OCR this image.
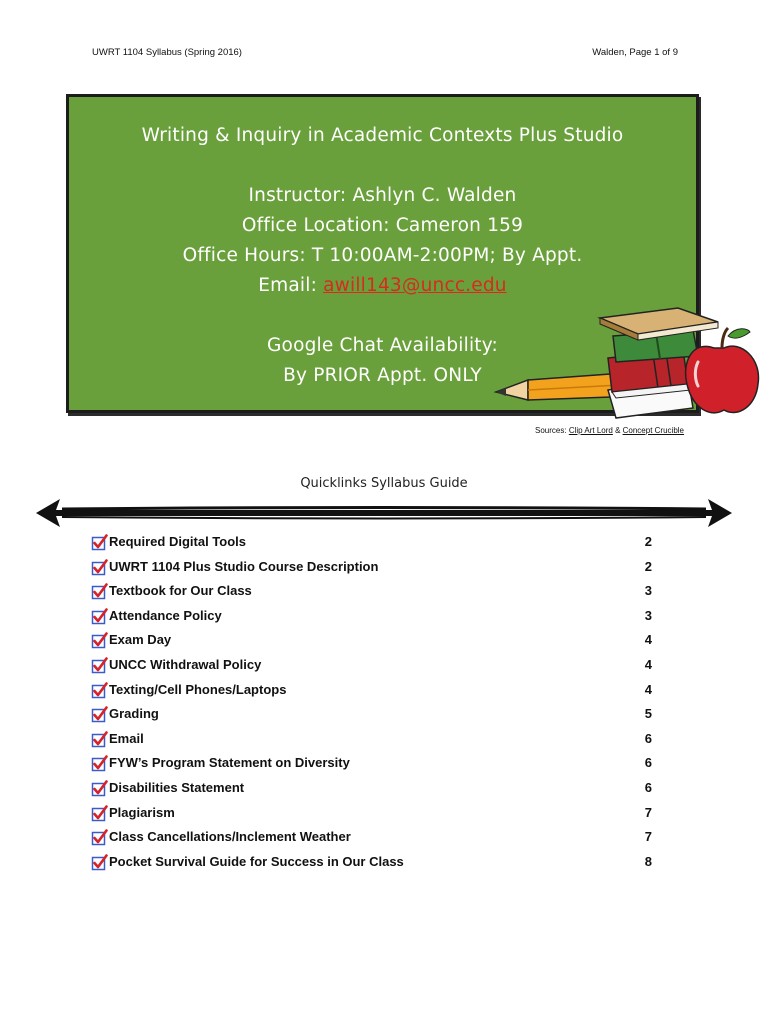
UWRT 1104 Syllabus (Spring 2016)	Walden, Page 1 of 9
Writing & Inquiry in Academic Contexts Plus Studio
Instructor: Ashlyn C. Walden
Office Location: Cameron 159
Office Hours: T 10:00AM-2:00PM; By Appt.
Email: awill143@uncc.edu
Google Chat Availability:
By PRIOR Appt. ONLY
Sources: Clip Art Lord & Concept Crucible
Quicklinks Syllabus Guide
Required Digital Tools	2
UWRT 1104 Plus Studio Course Description	2
Textbook for Our Class	3
Attendance Policy	3
Exam Day	4
UNCC Withdrawal Policy	4
Texting/Cell Phones/Laptops	4
Grading	5
Email	6
FYW’s Program Statement on Diversity	6
Disabilities Statement	6
Plagiarism	7
Class Cancellations/Inclement Weather	7
Pocket Survival Guide for Success in Our Class	8
